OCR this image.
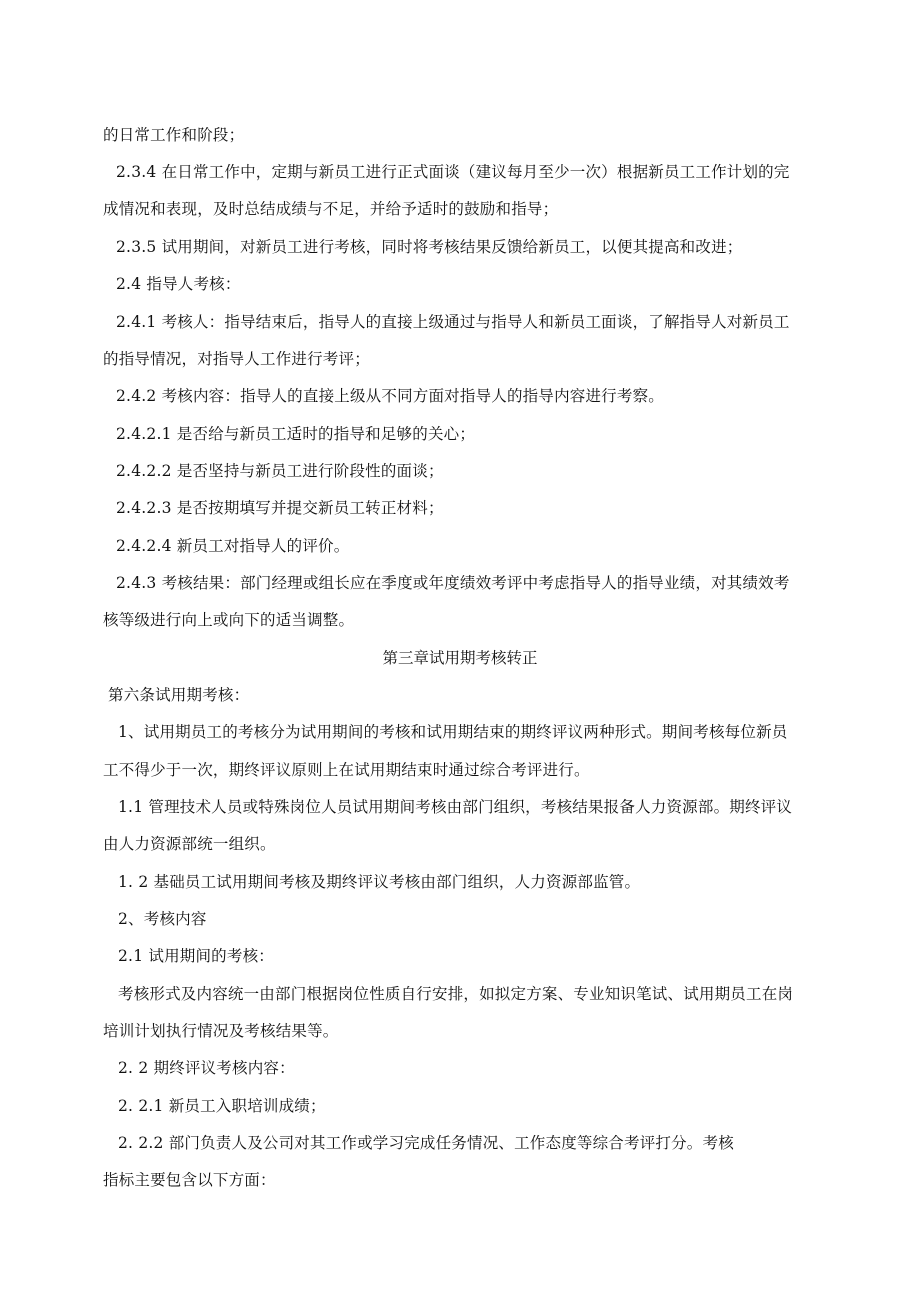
的日常工作和阶段；
2.3.4 在日常工作中，定期与新员工进行正式面谈（建议每月至少一次）根据新员工工作计划的完
成情况和表现，及时总结成绩与不足，并给予适时的鼓励和指导；
2.3.5 试用期间，对新员工进行考核，同时将考核结果反馈给新员工，以便其提高和改进；
2.4 指导人考核：
2.4.1 考核人：指导结束后，指导人的直接上级通过与指导人和新员工面谈，了解指导人对新员工
的指导情况，对指导人工作进行考评；
2.4.2 考核内容：指导人的直接上级从不同方面对指导人的指导内容进行考察。
2.4.2.1 是否给与新员工适时的指导和足够的关心；
2.4.2.2 是否坚持与新员工进行阶段性的面谈；
2.4.2.3 是否按期填写并提交新员工转正材料；
2.4.2.4 新员工对指导人的评价。
2.4.3 考核结果：部门经理或组长应在季度或年度绩效考评中考虑指导人的指导业绩，对其绩效考
核等级进行向上或向下的适当调整。
第三章试用期考核转正
第六条试用期考核：
1、试用期员工的考核分为试用期间的考核和试用期结束的期终评议两种形式。期间考核每位新员
工不得少于一次，期终评议原则上在试用期结束时通过综合考评进行。
1.1 管理技术人员或特殊岗位人员试用期间考核由部门组织，考核结果报备人力资源部。期终评议
由人力资源部统一组织。
1. 2 基础员工试用期间考核及期终评议考核由部门组织，人力资源部监管。
2、考核内容
2.1 试用期间的考核：
考核形式及内容统一由部门根据岗位性质自行安排，如拟定方案、专业知识笔试、试用期员工在岗
培训计划执行情况及考核结果等。
2. 2 期终评议考核内容：
2. 2.1 新员工入职培训成绩；
2. 2.2 部门负责人及公司对其工作或学习完成任务情况、工作态度等综合考评打分。考核
指标主要包含以下方面：
